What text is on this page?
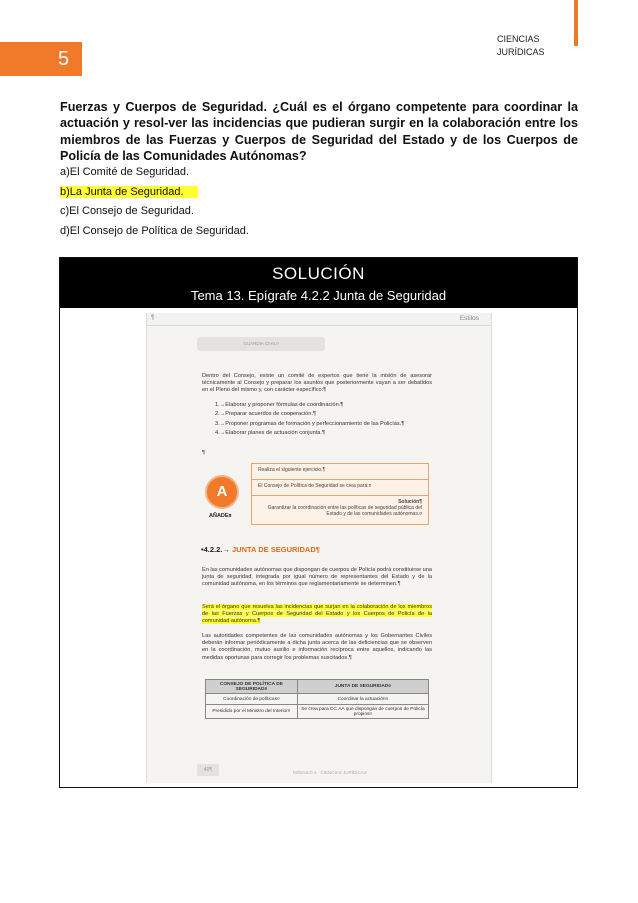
CIENCIAS
JURÍDICAS
5
Fuerzas y Cuerpos de Seguridad. ¿Cuál es el órgano competente para coordinar la actuación y resol-ver las incidencias que pudieran surgir en la colaboración entre los miembros de las Fuerzas y Cuerpos de Seguridad del Estado y de los Cuerpos de Policía de las Comunidades Autónomas?
a)El Comité de Seguridad.
b)La Junta de Seguridad.
c)El Consejo de Seguridad.
d)El Consejo de Política de Seguridad.
SOLUCIÓN
Tema 13. Epígrafe 4.2.2 Junta de Seguridad
¶	Estilos
GUARDIA CIVIL¤
Dentro del Consejo, existe un comité de expertos que tiene la misión de asesorar técnicamente al Consejo y preparar los asuntos que posteriormente vayan a ser debatidos en el Pleno del mismo y, con carácter específico:¶
1.→Elaborar y proponer fórmulas de coordinación.¶
2.→Preparar acuerdos de cooperación.¶
3.→Proponer programas de formación y perfeccionamiento de las Policías.¶
4.→Elaborar planes de actuación conjunta.¶
¶
A
AÑADE¤
Realiza el siguiente ejercicio.¶
El Consejo de Política de Seguridad se crea para:¤
Solución¶
Garantizar la coordinación entre las políticas de seguridad pública del Estado y de las comunidades autónomas.¤
•4.2.2.→ JUNTA DE SEGURIDAD¶
En las comunidades autónomas que dispongan de cuerpos de Policía podrá constituirse una junta de seguridad, integrada por igual número de representantes del Estado y de la comunidad autónoma, en los términos que reglamentariamente se determinen.¶
Será el órgano que resuelva las incidencias que surjan en la colaboración de los miembros de las Fuerzas y Cuerpos de Seguridad del Estado y los Cuerpos de Policía de la comunidad autónoma.¶
Las autoridades competentes de las comunidades autónomas y los Gobernantes Civiles deberán informar periódicamente a dicha junta acerca de las deficiencias que se observen en la coordinación, mutuo auxilio e información recíproca entre aquellos, indicando las medidas oportunas para corregir los problemas suscitados.¶
CONSEJO DE POLÍTICA DE SEGURIDAD¤	JUNTA DE SEGURIDAD¤
Coordinación de políticas¤	Coordinar la actuación¤
Presidido por el Ministro del Interior¤	Se crea para CC.AA que dispongan de cuerpos de Policía propios¤
40¶	MÓDULO 1 · CIENCIAS JURÍDICAS
